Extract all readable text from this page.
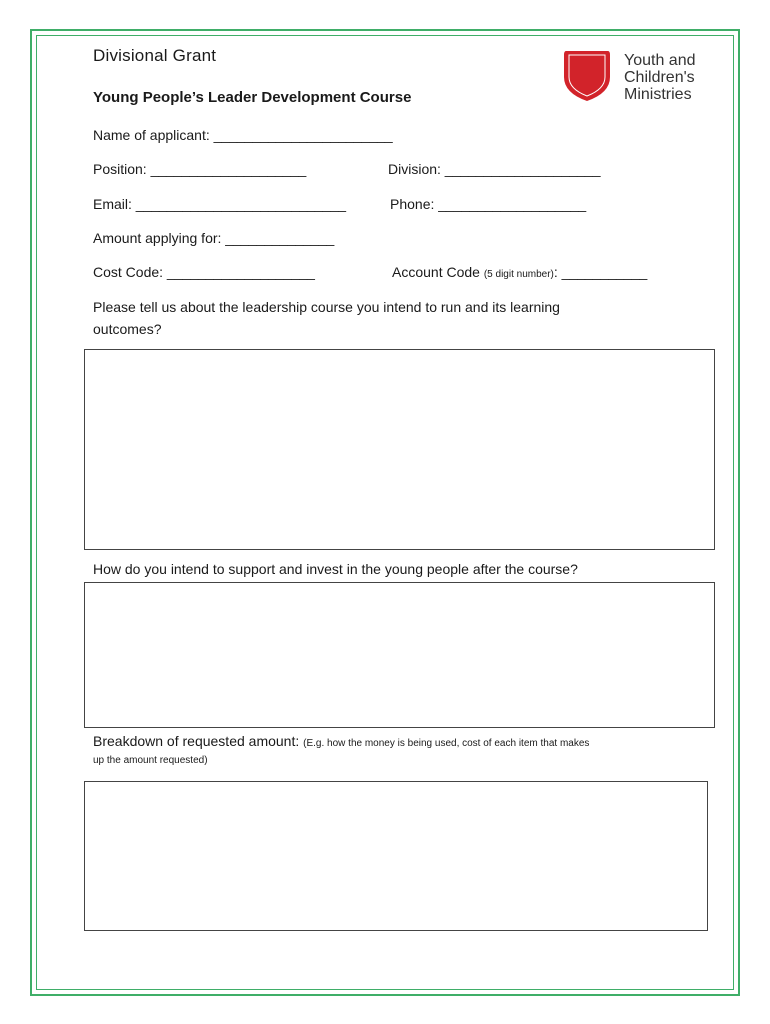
Divisional Grant
Young People’s Leader Development Course
Youth and
Children's
Ministries
Name of applicant: _______________________
Position: ____________________	Division: ____________________
Email: ___________________________	Phone: ___________________
Amount applying for: ______________
Cost Code: ___________________	Account Code (5 digit number): ___________
Please tell us about the leadership course you intend to run and its learning
outcomes?
How do you intend to support and invest in the young people after the course?
Breakdown of requested amount: (E.g. how the money is being used, cost of each item that makes
up the amount requested)
